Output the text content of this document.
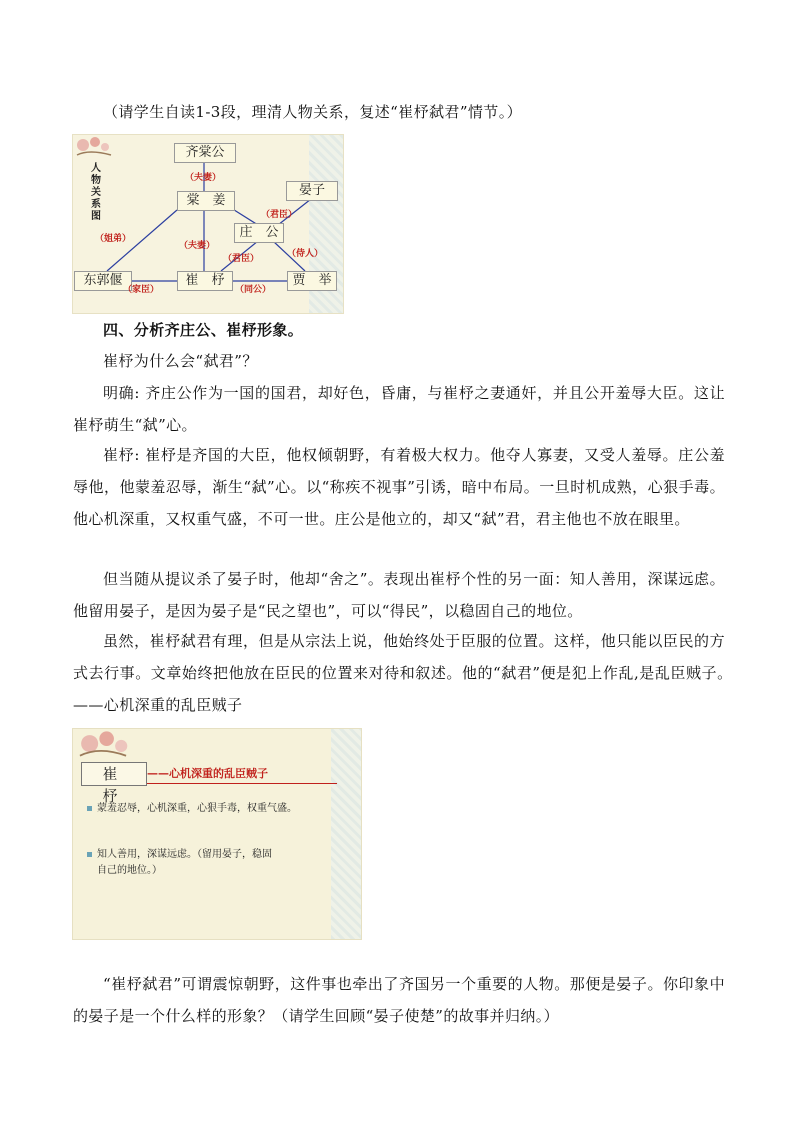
（请学生自读1-3段，理清人物关系，复述“崔杼弑君”情节。）

人物关系图
齐棠公
（夫妻）
棠　姜
晏子
（君臣）
庄　公
（姐弟）
（夫妻）
（君臣）	（侍人）
东郭偃	崔　杼	贾　举
（家臣）	（同公）

四、分析齐庄公、崔杼形象。

崔杼为什么会“弑君”？

明确: 齐庄公作为一国的国君，却好色，昏庸，与崔杼之妻通奸，并且公开羞辱大臣。这让崔杼萌生“弑”心。

崔杼: 崔杼是齐国的大臣，他权倾朝野，有着极大权力。他夺人寡妻，又受人羞辱。庄公羞辱他，他蒙羞忍辱，渐生“弑”心。以“称疾不视事”引诱，暗中布局。一旦时机成熟，心狠手毒。他心机深重，又权重气盛，不可一世。庄公是他立的，却又“弑”君，君主他也不放在眼里。

但当随从提议杀了晏子时，他却“舍之”。表现出崔杼个性的另一面：知人善用，深谋远虑。他留用晏子，是因为晏子是“民之望也”，可以“得民”，以稳固自己的地位。

虽然，崔杼弑君有理，但是从宗法上说，他始终处于臣服的位置。这样，他只能以臣民的方式去行事。文章始终把他放在臣民的位置来对待和叙述。他的“弑君”便是犯上作乱,是乱臣贼子。　　——心机深重的乱臣贼子

崔　杼
——心机深重的乱臣贼子
蒙羞忍辱，心机深重，心狠手毒，权重气盛。
知人善用，深谋远虑。（留用晏子，稳固
自己的地位。）

“崔杼弑君”可谓震惊朝野，这件事也牵出了齐国另一个重要的人物。那便是晏子。你印象中的晏子是一个什么样的形象？（请学生回顾“晏子使楚”的故事并归纳。）
